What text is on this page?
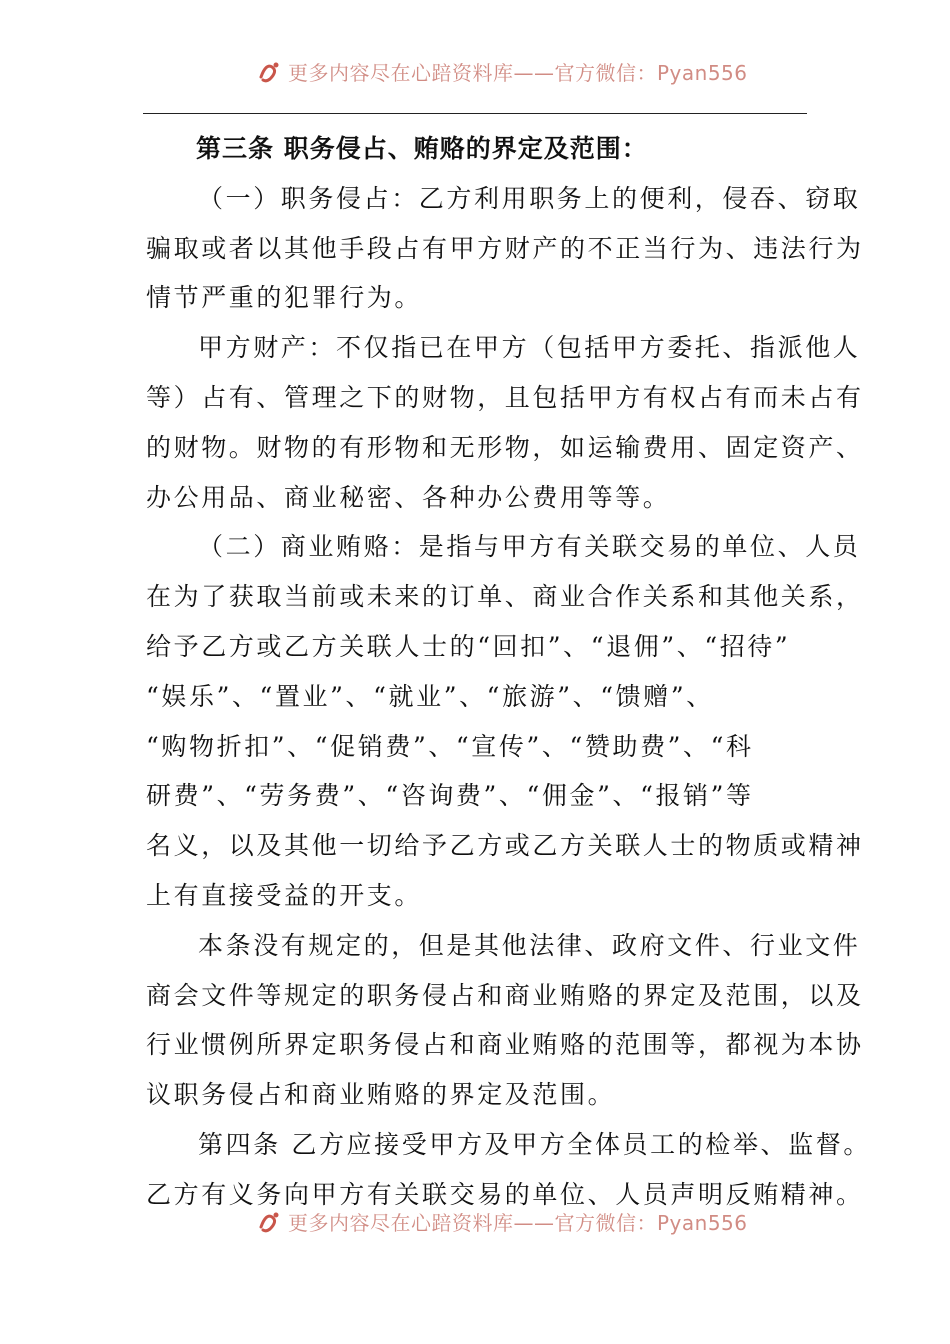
更多内容尽在心踣资料库——官方微信：Pyan556
第三条 职务侵占、贿赂的界定及范围：
（一）职务侵占：乙方利用职务上的便利，侵吞、窃取
骗取或者以其他手段占有甲方财产的不正当行为、违法行为
情节严重的犯罪行为。
甲方财产：不仅指已在甲方（包括甲方委托、指派他人
等）占有、管理之下的财物，且包括甲方有权占有而未占有
的财物。财物的有形物和无形物，如运输费用、固定资产、
办公用品、商业秘密、各种办公费用等等。
（二）商业贿赂：是指与甲方有关联交易的单位、人员
在为了获取当前或未来的订单、商业合作关系和其他关系，
给予乙方或乙方关联人士的“回扣”、“退佣”、“招待”
“娱乐”、“置业”、“就业”、“旅游”、“馈赠”、
“购物折扣”、“促销费”、“宣传”、“赞助费”、“科
研费”、“劳务费”、“咨询费”、“佣金”、“报销”等
名义，以及其他一切给予乙方或乙方关联人士的物质或精神
上有直接受益的开支。
本条没有规定的，但是其他法律、政府文件、行业文件
商会文件等规定的职务侵占和商业贿赂的界定及范围，以及
行业惯例所界定职务侵占和商业贿赂的范围等，都视为本协
议职务侵占和商业贿赂的界定及范围。
第四条 乙方应接受甲方及甲方全体员工的检举、监督。
乙方有义务向甲方有关联交易的单位、人员声明反贿精神。
更多内容尽在心踣资料库——官方微信：Pyan556
